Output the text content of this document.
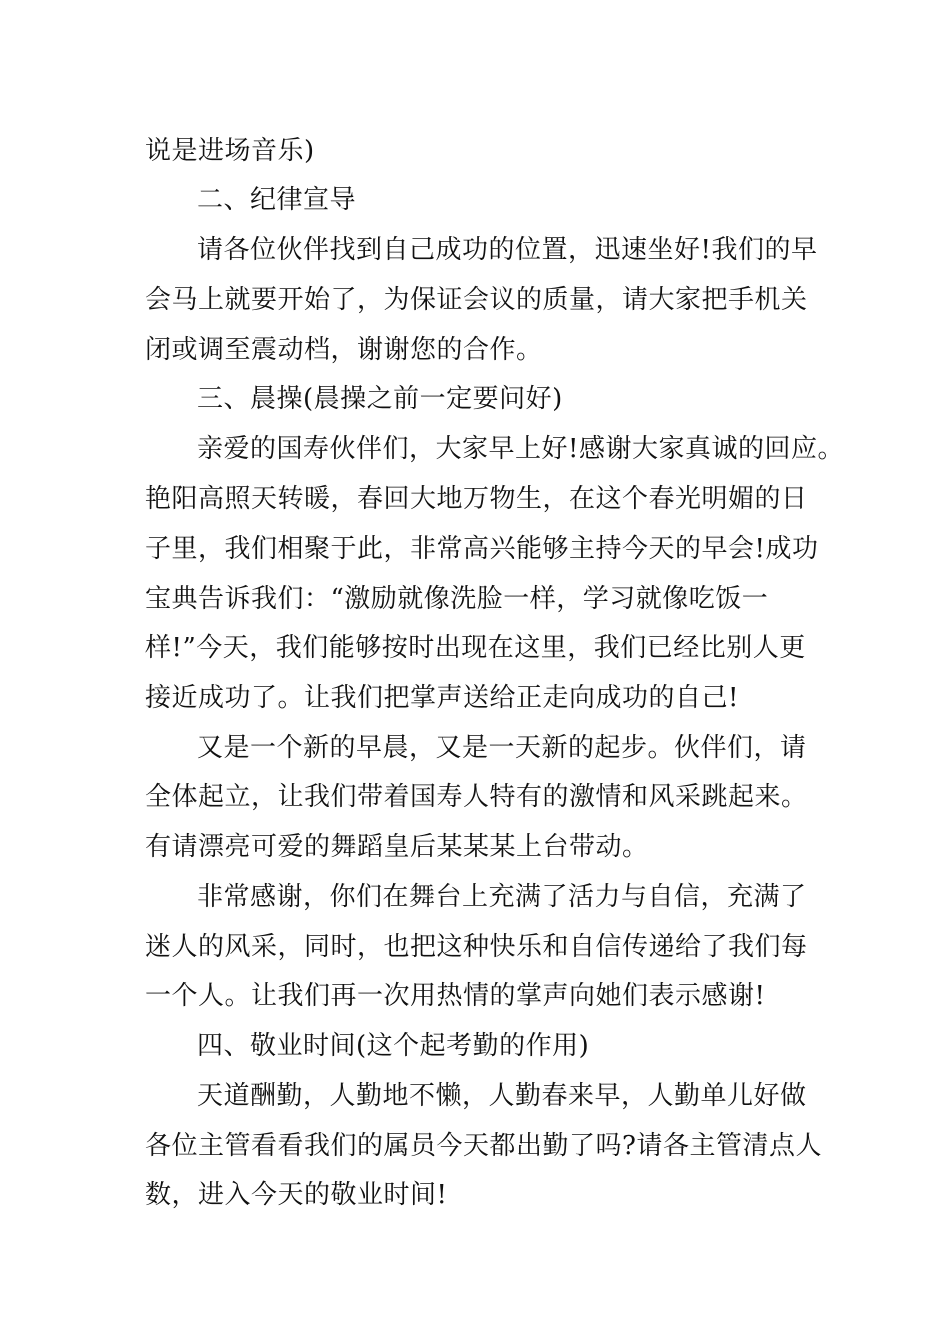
说是进场音乐)

二、纪律宣导

请各位伙伴找到自己成功的位置，迅速坐好!我们的早

会马上就要开始了，为保证会议的质量，请大家把手机关

闭或调至震动档，谢谢您的合作。

三、晨操(晨操之前一定要问好)

亲爱的国寿伙伴们，大家早上好!感谢大家真诚的回应。

艳阳高照天转暖，春回大地万物生，在这个春光明媚的日

子里，我们相聚于此，非常高兴能够主持今天的早会!成功

宝典告诉我们：“激励就像洗脸一样，学习就像吃饭一

样!”今天，我们能够按时出现在这里，我们已经比别人更

接近成功了。让我们把掌声送给正走向成功的自己!

又是一个新的早晨，又是一天新的起步。伙伴们，请

全体起立，让我们带着国寿人特有的激情和风采跳起来。

有请漂亮可爱的舞蹈皇后某某某上台带动。

非常感谢，你们在舞台上充满了活力与自信，充满了

迷人的风采，同时，也把这种快乐和自信传递给了我们每

一个人。让我们再一次用热情的掌声向她们表示感谢!

四、敬业时间(这个起考勤的作用)

天道酬勤，人勤地不懒，人勤春来早，人勤单儿好做

各位主管看看我们的属员今天都出勤了吗?请各主管清点人

数，进入今天的敬业时间!
